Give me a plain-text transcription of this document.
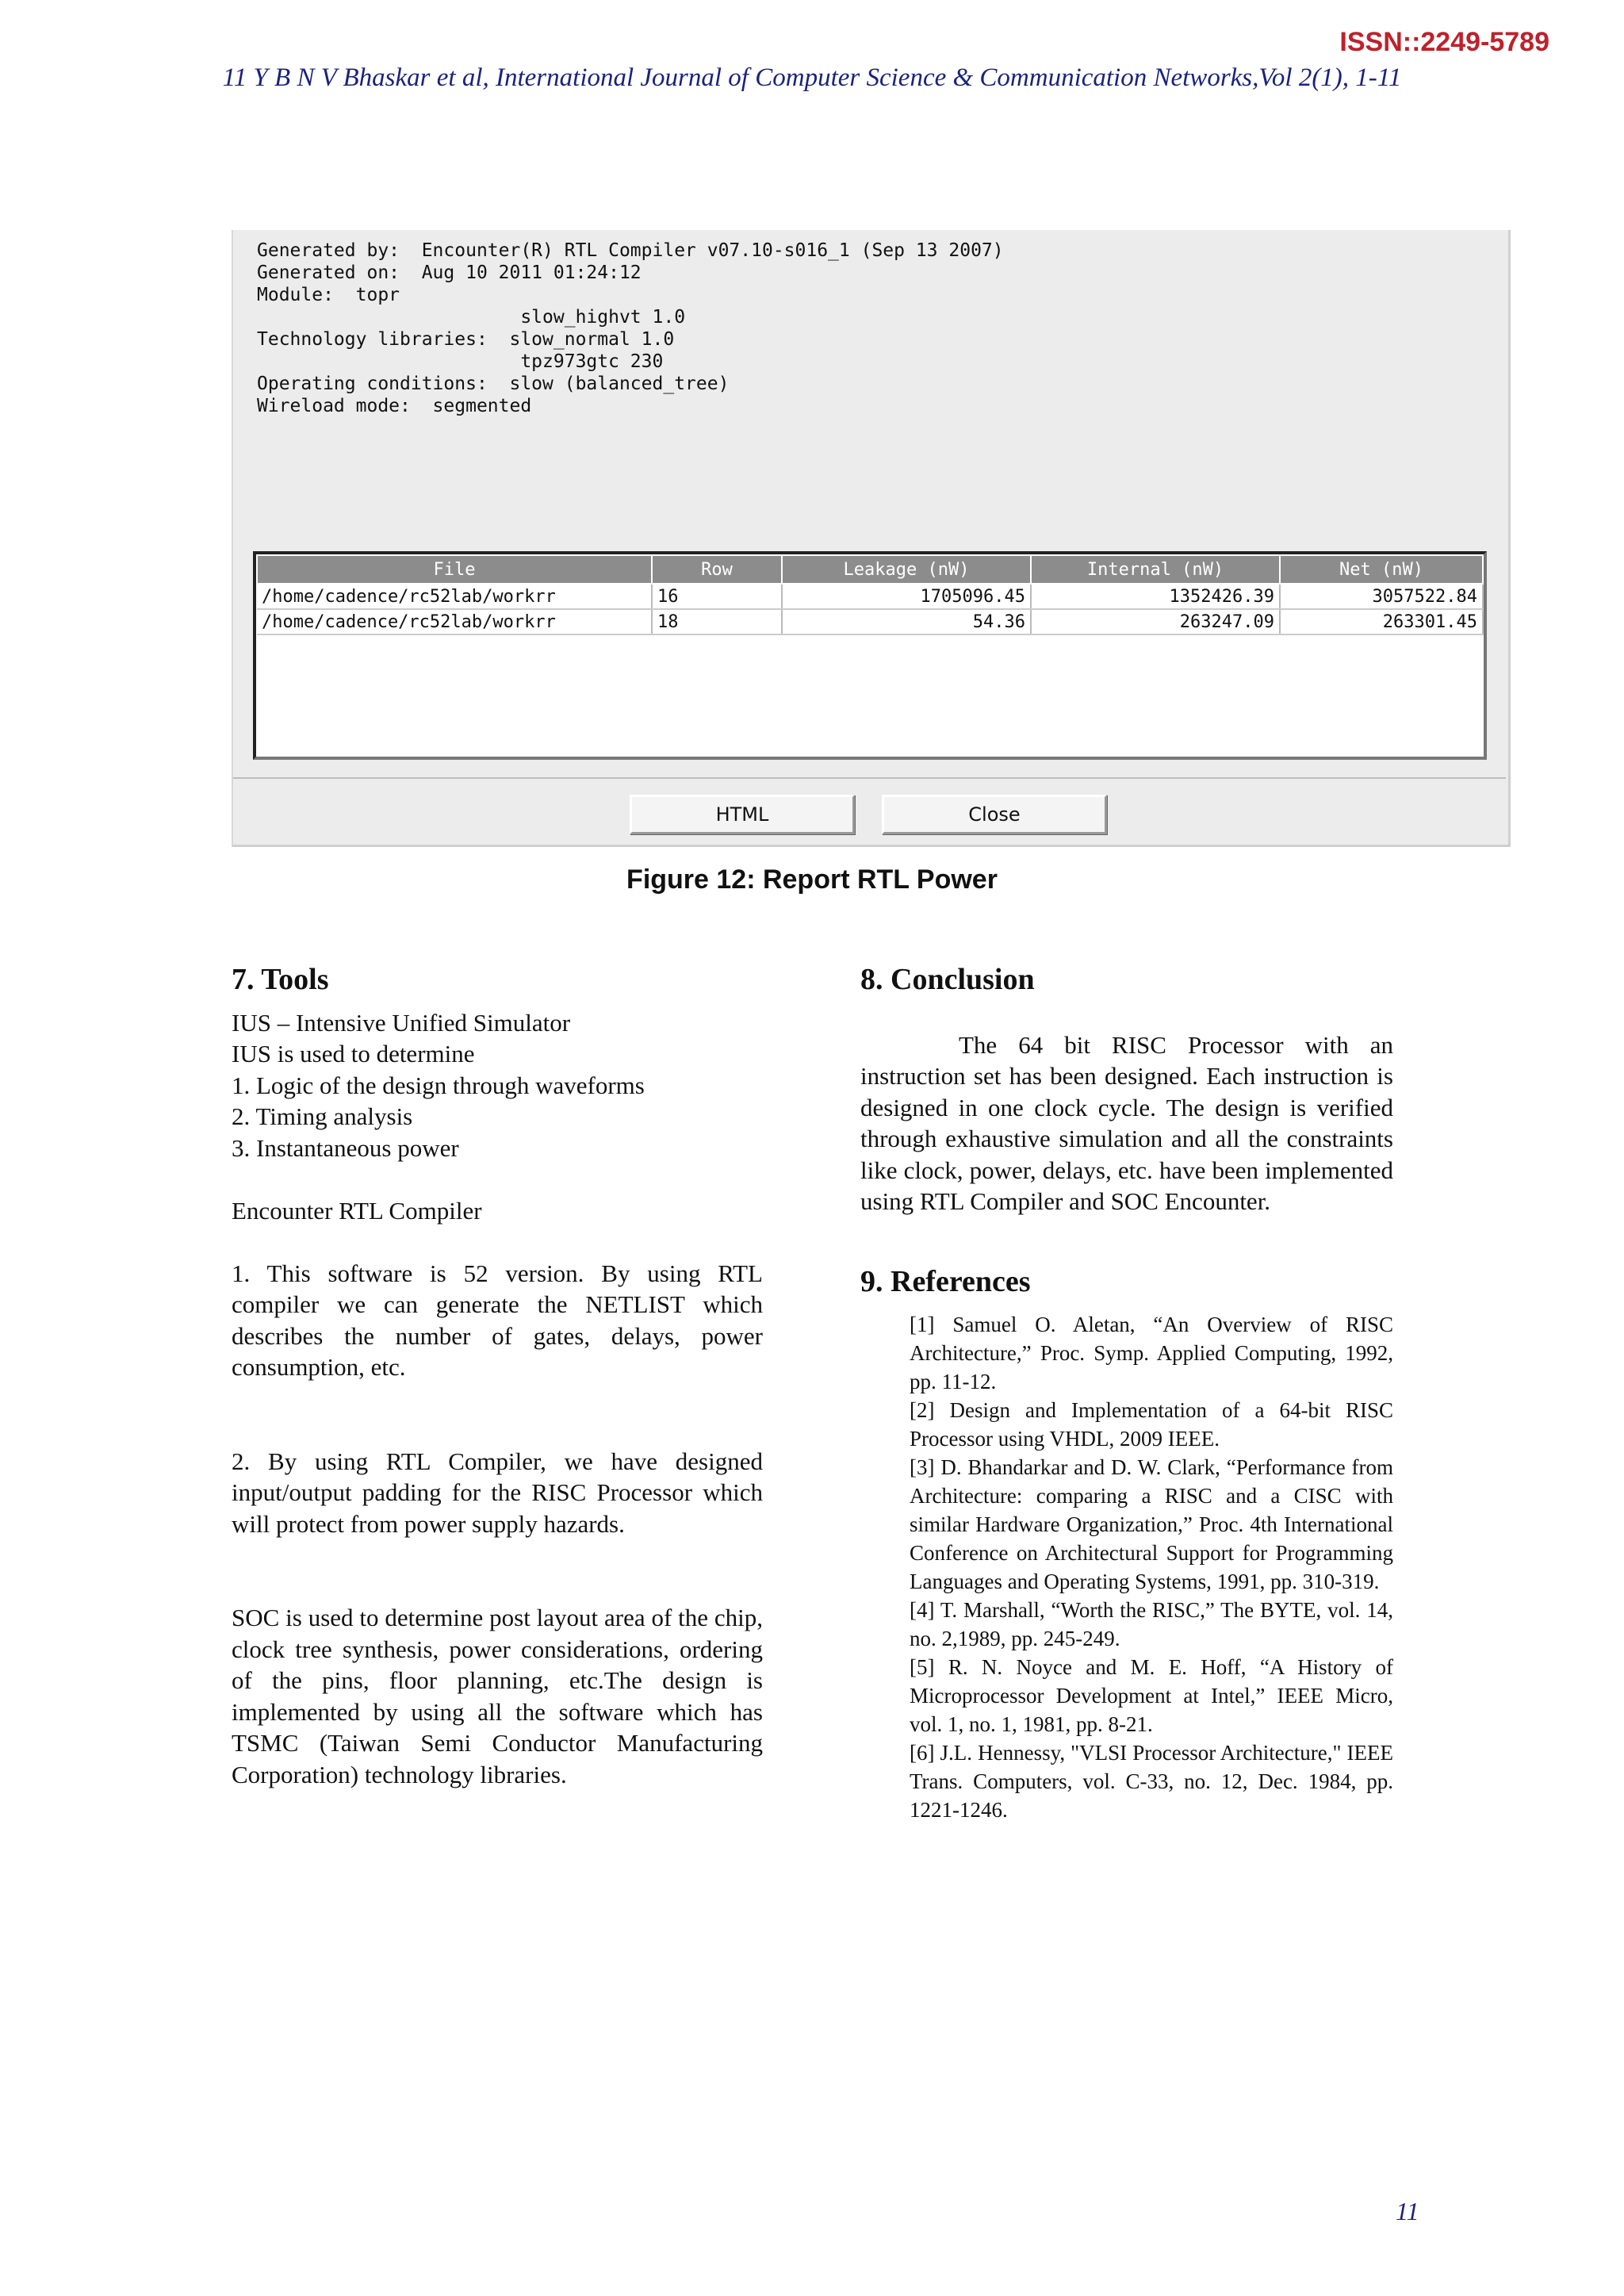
ISSN::2249-5789
11 Y B N V Bhaskar et al, International Journal of Computer Science & Communication Networks,Vol 2(1), 1-11
Generated by:  Encounter(R) RTL Compiler v07.10-s016_1 (Sep 13 2007)
Generated on:  Aug 10 2011 01:24:12
Module:  topr
slow_highvt 1.0
Technology libraries:  slow_normal 1.0
tpz973gtc 230
Operating conditions:  slow (balanced_tree)
Wireload mode:  segmented
File	Row	Leakage (nW)	Internal (nW)	Net (nW)
/home/cadence/rc52lab/workrr	16	1705096.45	1352426.39	3057522.84
/home/cadence/rc52lab/workrr	18	54.36	263247.09	263301.45
HTML	Close
Figure 12: Report RTL Power
7. Tools
IUS – Intensive Unified Simulator
IUS is used to determine
1. Logic of the design through waveforms
2. Timing analysis
3. Instantaneous power
Encounter RTL Compiler

1. This software is 52 version. By using RTL compiler we can generate the NETLIST which describes the number of gates, delays, power consumption, etc.

2. By using RTL Compiler, we have designed input/output padding for the RISC Processor which will protect from power supply hazards.

SOC is used to determine post layout area of the chip, clock tree synthesis, power considerations, ordering of the pins, floor planning, etc.The design is implemented by using all the software which has TSMC (Taiwan Semi Conductor Manufacturing Corporation) technology libraries.

8. Conclusion

The 64 bit RISC Processor with an instruction set has been designed. Each instruction is designed in one clock cycle. The design is verified through exhaustive simulation and all the constraints like clock, power, delays, etc. have been implemented using RTL Compiler and SOC Encounter.

9. References
[1] Samuel O. Aletan, “An Overview of RISC Architecture,” Proc. Symp. Applied Computing, 1992, pp. 11-12.
[2] Design and Implementation of a 64-bit RISC Processor using VHDL, 2009 IEEE.
[3] D. Bhandarkar and D. W. Clark, “Performance from Architecture: comparing a RISC and a CISC with similar Hardware Organization,” Proc. 4th International Conference on Architectural Support for Programming Languages and Operating Systems, 1991, pp. 310-319.
[4] T. Marshall, “Worth the RISC,” The BYTE, vol. 14, no. 2,1989, pp. 245-249.
[5] R. N. Noyce and M. E. Hoff, “A History of Microprocessor Development at Intel,” IEEE Micro, vol. 1, no. 1, 1981, pp. 8-21.
[6] J.L. Hennessy, "VLSI Processor Architecture," IEEE Trans. Computers, vol. C-33, no. 12, Dec. 1984, pp. 1221-1246.
11
